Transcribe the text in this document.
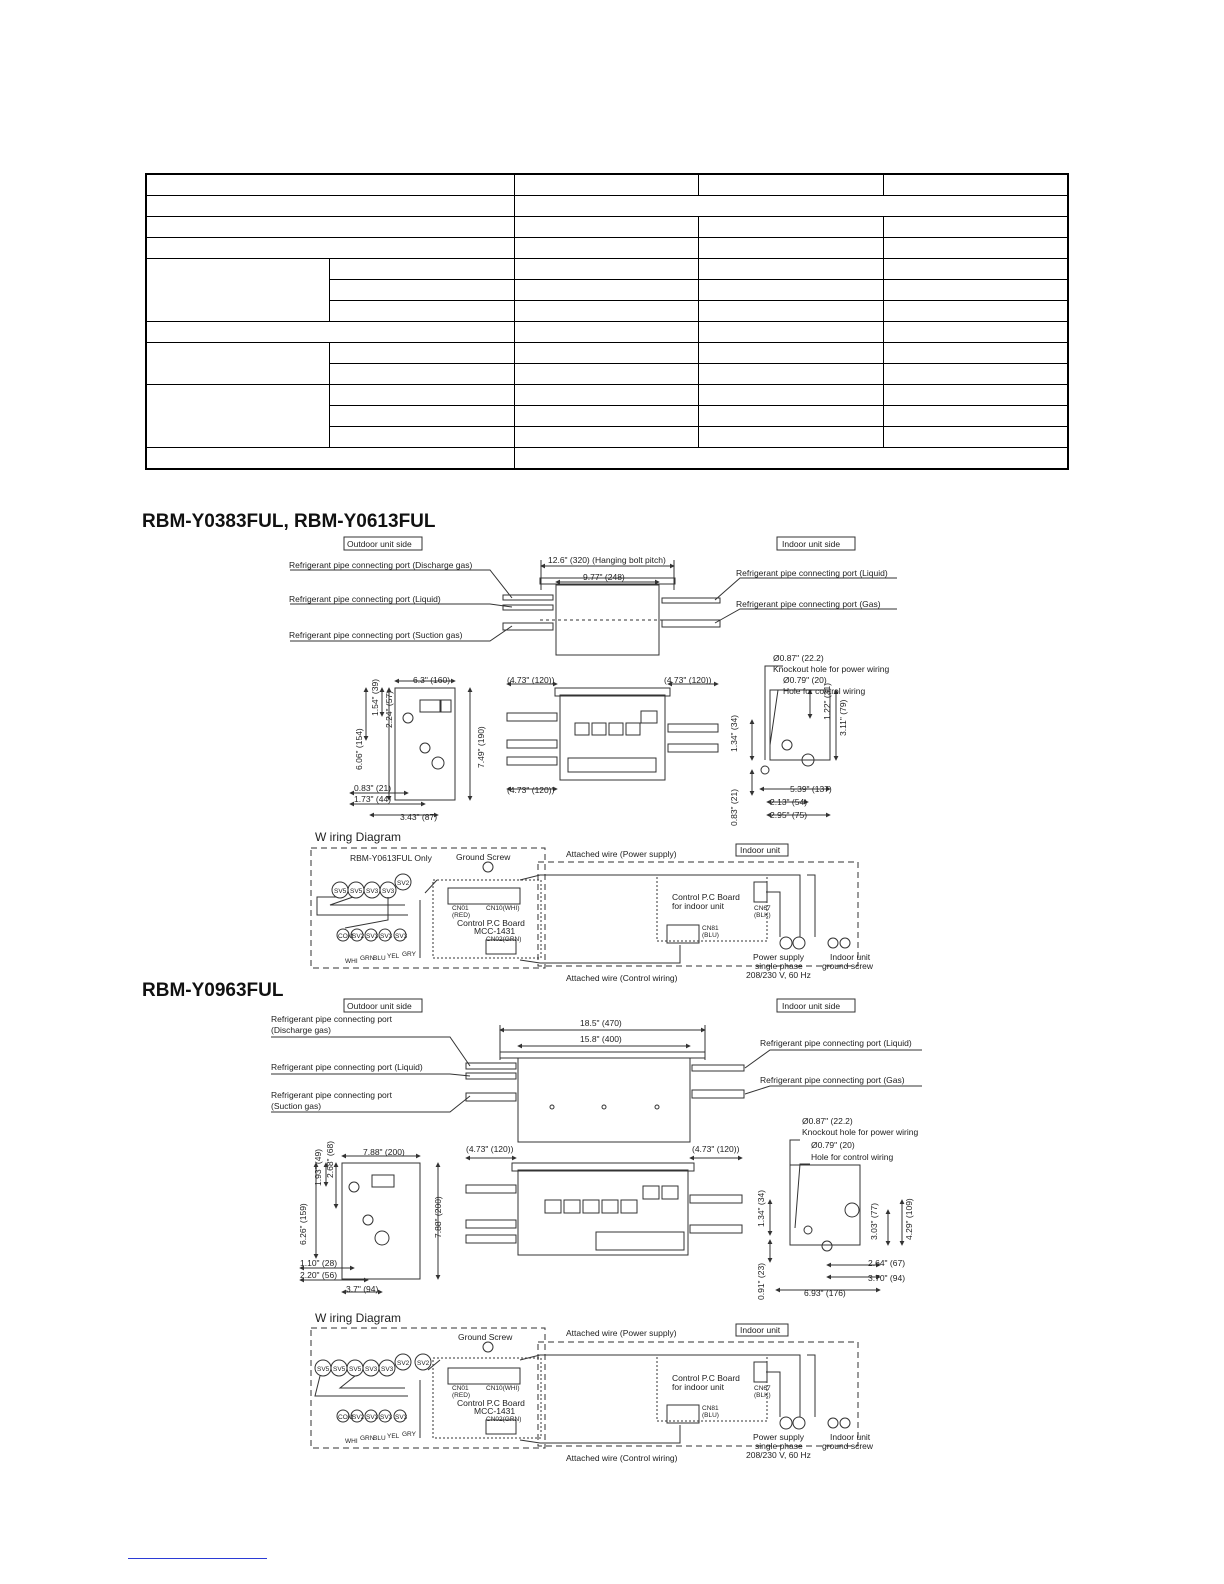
RBM-Y0383FUL, RBM-Y0613FUL
RBM-Y0963FUL
Outdoor unit side	Indoor unit side
Refrigerant pipe connecting port (Discharge gas)
Refrigerant pipe connecting port (Liquid)
Refrigerant pipe connecting port (Suction gas)
Refrigerant pipe connecting port (Liquid)
Refrigerant pipe connecting port (Gas)
12.6" (320) (Hanging bolt pitch)
9.77" (248)
Ø0.87" (22.2)
Knockout hole for power wiring
Ø0.79" (20)
Hole for control wiring
6.3" (160)
1.54" (39) 2.24" (57)
6.06" (154)	7.49" (190)
0.83" (21)
1.73" (44)
3.43" (87)
(4.73" (120))	(4.73" (120))
(4.73" (120))
1.22" (31) 3.11" (79)
1.34" (34)
0.83" (21)	5.39" (137)
2.13" (54)
2.95" (75)
W iring Diagram
RBM-Y0613FUL Only	Ground Screw	Attached wire (Power supply)
Attached wire (Control wiring)
Indoor unit
Control P.C Board
MCC-1431
Control P.C Board
for indoor unit
CN01
(RED)
CN10(WHI)
CN02(GRN)
CN67
(BLK)
CN81
(BLU)
SV5 SV5 SV3 SV3
SV2
COM
SV2 SV3 SV3 SV3
WHI GRN
BLU YEL GRY	Power supply
single phase
208/230 V, 60 Hz
Indoor unit
ground screw
Outdoor unit side	Indoor unit side
Refrigerant pipe connecting port
(Discharge gas)
Refrigerant pipe connecting port (Liquid)
Refrigerant pipe connecting port
(Suction gas)
Refrigerant pipe connecting port (Liquid)
Refrigerant pipe connecting port (Gas)
18.5" (470)
15.8" (400)
Ø0.87" (22.2)
Knockout hole for power wiring
Ø0.79" (20)
Hole for control wiring
7.88" (200)
1.93" (49) 2.68" (68)
6.26" (159)	7.88" (200)
1.10" (28)
2.20" (56)
3.7" (94)
(4.73" (120))	(4.73" (120))
1.34" (34)	3.03" (77)	4.29" (109)
0.91" (23)	2.64" (67)
3.70" (94)
6.93" (176)
W iring Diagram
Ground Screw	Attached wire (Power supply)
Attached wire (Control wiring)
Indoor unit
Control P.C Board
MCC-1431
Control P.C Board
for indoor unit
CN01
(RED)
CN10(WHI)
CN02(GRN)
CN67
(BLK)
CN81
(BLU)
SV5 SV5 SV5 SV3 SV3
SV2 SV2
COM
SV2 SV3 SV3 SV3
WHI GRN
BLU YEL GRY	Power supply
single phase
208/230 V, 60 Hz
Indoor unit
ground screw
